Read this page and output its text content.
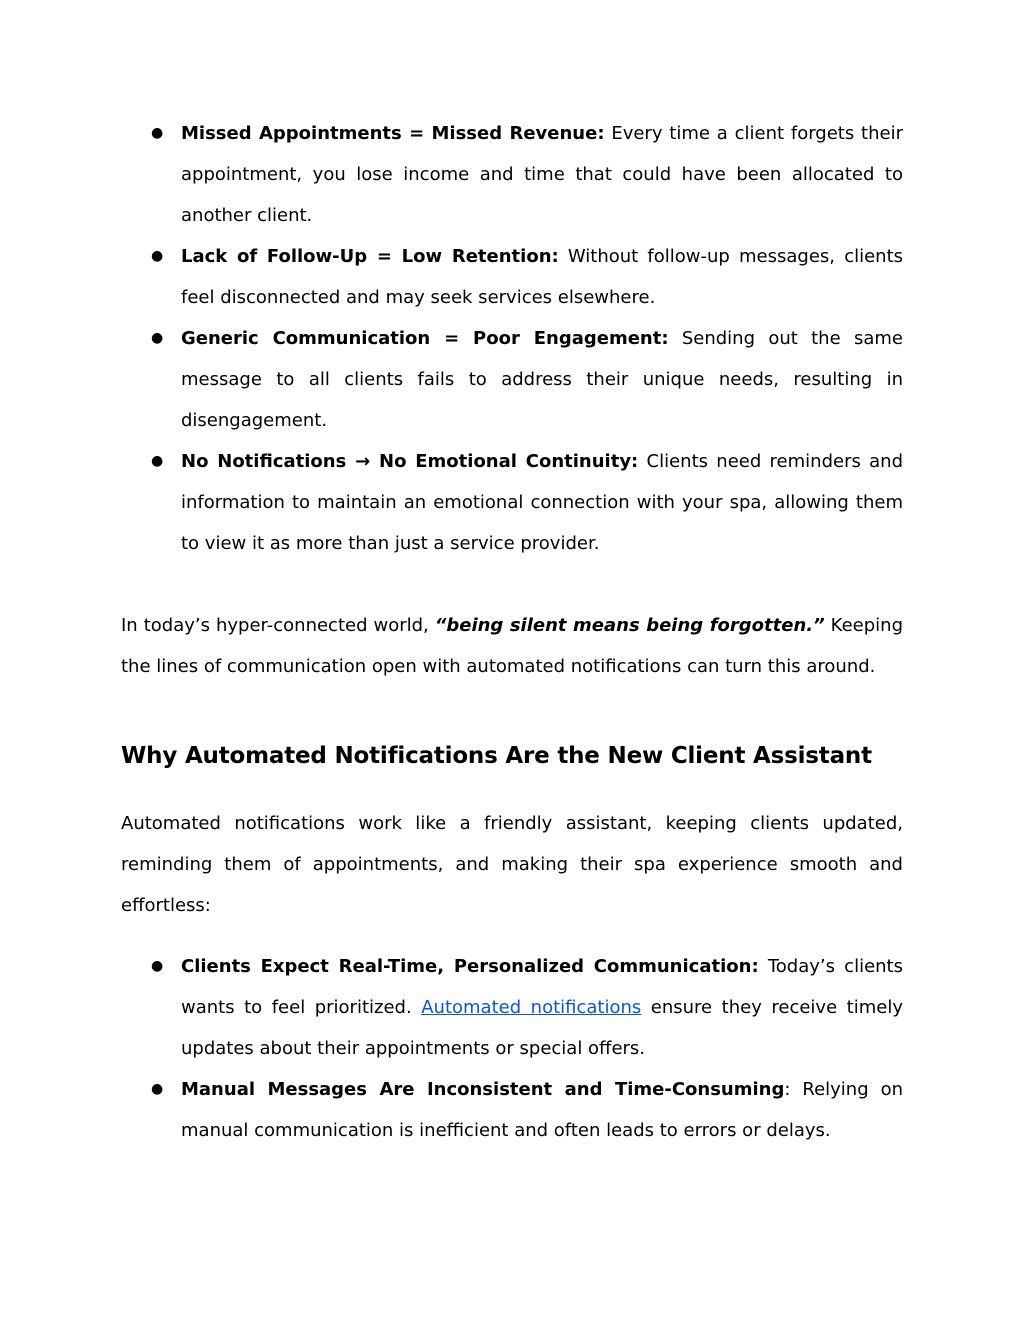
● Missed Appointments = Missed Revenue: Every time a client forgets their appointment, you lose income and time that could have been allocated to another client.
● Lack of Follow-Up = Low Retention: Without follow-up messages, clients feel disconnected and may seek services elsewhere.
● Generic Communication = Poor Engagement: Sending out the same message to all clients fails to address their unique needs, resulting in disengagement.
● No Notifications → No Emotional Continuity: Clients need reminders and information to maintain an emotional connection with your spa, allowing them to view it as more than just a service provider.

In today’s hyper-connected world, “being silent means being forgotten.” Keeping the lines of communication open with automated notifications can turn this around.

Why Automated Notifications Are the New Client Assistant

Automated notifications work like a friendly assistant, keeping clients updated, reminding them of appointments, and making their spa experience smooth and effortless:

● Clients Expect Real-Time, Personalized Communication: Today’s clients wants to feel prioritized. Automated notifications ensure they receive timely updates about their appointments or special offers.
● Manual Messages Are Inconsistent and Time-Consuming: Relying on manual communication is inefficient and often leads to errors or delays.
